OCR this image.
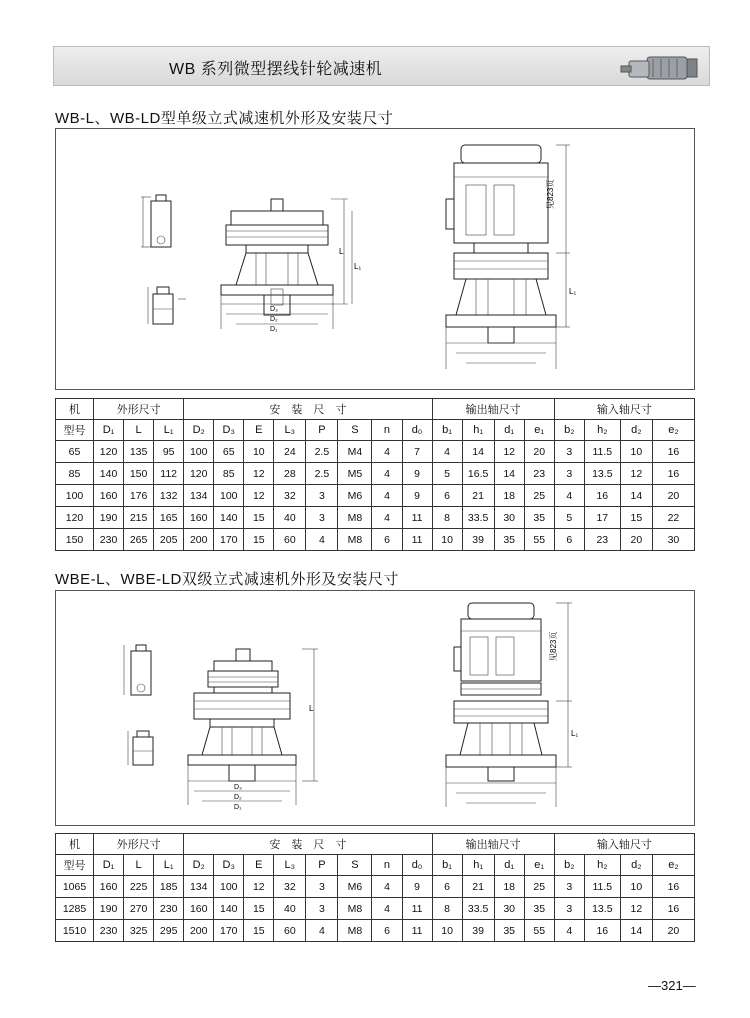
WB 系列微型摆线针轮减速机
WB-L、WB-LD型单级立式减速机外形及安装尺寸
L
L₁
D₃
D₂
D₁
见823页
L₁
机	外形尺寸			安　装　尺　寸								输出轴尺寸				输入轴尺寸			
型号	D₁	L	L₁	D₂	D₃	E	L₃	P	S	n	d₀	b₁	h₁	d₁	e₁	b₂	h₂	d₂	e₂
65	120	135	95	100	65	10	24	2.5	M4	4	7	4	14	12	20	3	11.5	10	16
85	140	150	112	120	85	12	28	2.5	M5	4	9	5	16.5	14	23	3	13.5	12	16
100	160	176	132	134	100	12	32	3	M6	4	9	6	21	18	25	4	16	14	20
120	190	215	165	160	140	15	40	3	M8	4	11	8	33.5	30	35	5	17	15	22
150	230	265	205	200	170	15	60	4	M8	6	11	10	39	35	55	6	23	20	30
WBE-L、WBE-LD双级立式减速机外形及安装尺寸
L
D₃
D₂
D₁
见823页
L₁
机	外形尺寸			安　装　尺　寸								输出轴尺寸				输入轴尺寸			
型号	D₁	L	L₁	D₂	D₃	E	L₃	P	S	n	d₀	b₁	h₁	d₁	e₁	b₂	h₂	d₂	e₂
1065	160	225	185	134	100	12	32	3	M6	4	9	6	21	18	25	3	11.5	10	16
1285	190	270	230	160	140	15	40	3	M8	4	11	8	33.5	30	35	3	13.5	12	16
1510	230	325	295	200	170	15	60	4	M8	6	11	10	39	35	55	4	16	14	20
—321—
